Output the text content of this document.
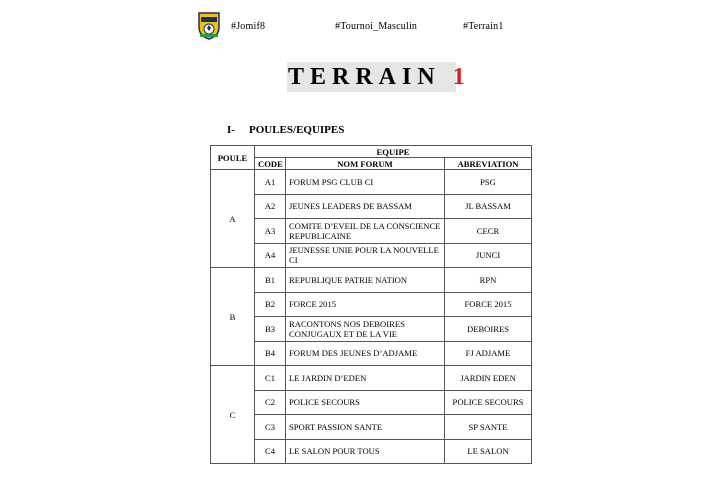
#Jomif8	#Tournoi_Masculin	#Terrain1
TERRAIN 1
I- POULES/EQUIPES
POULE	EQUIPE		
	CODE	NOM FORUM	ABREVIATION
A	A1	FORUM PSG CLUB CI	PSG
	A2	JEUNES LEADERS DE BASSAM	JL BASSAM
	A3	COMITE D’EVEIL DE LA CONSCIENCE REPUBLICAINE	CECR
	A4	JEUNESSE UNIE POUR LA NOUVELLE CI	JUNCI
B	B1	REPUBLIQUE PATRIE NATION	RPN
	B2	FORCE 2015	FORCE 2015
	B3	RACONTONS NOS DEBOIRES CONJUGAUX ET DE LA VIE	DEBOIRES
	B4	FORUM DES JEUNES D’ADJAME	FJ ADJAME
C	C1	LE JARDIN D’EDEN	JARDIN EDEN
	C2	POLICE SECOURS	POLICE SECOURS
	C3	SPORT PASSION SANTE	SP SANTE
	C4	LE SALON POUR TOUS	LE SALON
